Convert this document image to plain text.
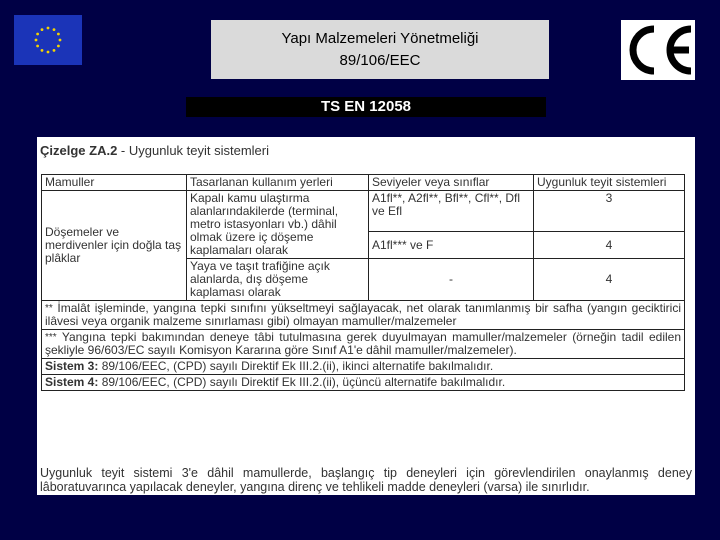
Yapı Malzemeleri Yönetmeliği
89/106/EEC
TS EN 12058
Çizelge ZA.2 - Uygunluk teyit sistemleri
Mamuller	Tasarlanan kullanım yerleri	Seviyeler veya sınıflar	Uygunluk teyit sistemleri
Döşemeler ve merdivenler için doğla taş plâklar	Kapalı kamu ulaştırma alanlarındakilerde (terminal, metro istasyonları vb.) dâhil olmak üzere iç döşeme kaplamaları olarak	A1fl**, A2fl**, Bfl**, Cfl**, Dfl ve Efl	3
		A1fl*** ve F	4
	Yaya ve taşıt trafiğine açık alanlarda, dış döşeme kaplaması olarak	-	4
** İmalât işleminde, yangına tepki sınıfını yükseltmeyi sağlayacak, net olarak tanımlanmış bir safha (yangın geciktirici ilâvesi veya organik malzeme sınırlaması gibi) olmayan mamuller/malzemeler			
*** Yangına tepki bakımından deneye tâbi tutulmasına gerek duyulmayan mamuller/malzemeler (örneğin tadil edilen şekliyle 96/603/EC sayılı Komisyon Kararına göre Sınıf A1'e dâhil mamuller/malzemeler).			
Sistem 3: 89/106/EEC, (CPD) sayılı Direktif Ek III.2.(ii), ikinci alternatife bakılmalıdır.			
Sistem 4: 89/106/EEC, (CPD) sayılı Direktif Ek III.2.(ii), üçüncü alternatife bakılmalıdır.			
Uygunluk teyit sistemi 3'e dâhil mamullerde, başlangıç tip deneyleri için görevlendirilen onaylanmış deney lâboratuvarınca yapılacak deneyler, yangına direnç ve tehlikeli madde deneyleri (varsa) ile sınırlıdır.
